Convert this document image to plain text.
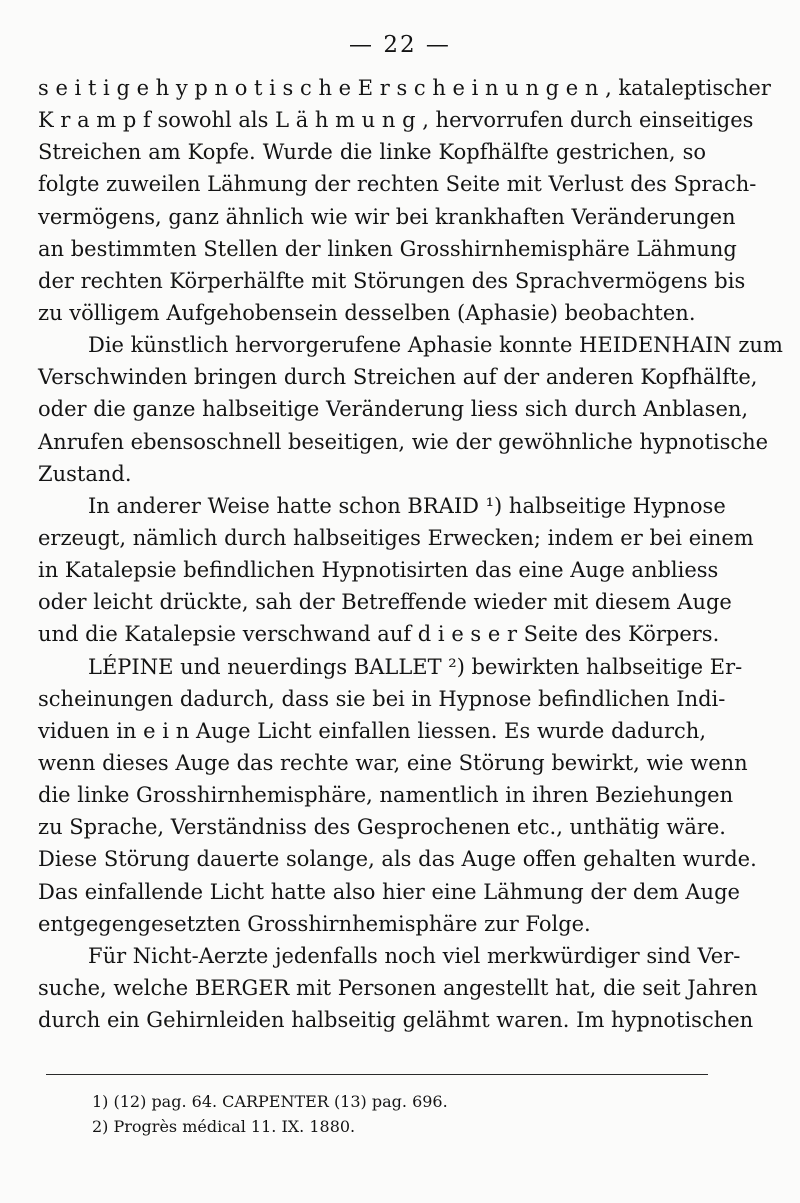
— 22 —
s e i t i g e h y p n o t i s c h e E r s c h e i n u n g e n , kataleptischer
K r a m p f sowohl als L ä h m u n g , hervorrufen durch einseitiges
Streichen am Kopfe. Wurde die linke Kopfhälfte gestrichen, so
folgte zuweilen Lähmung der rechten Seite mit Verlust des Sprach-
vermögens, ganz ähnlich wie wir bei krankhaften Veränderungen
an bestimmten Stellen der linken Grosshirnhemisphäre Lähmung
der rechten Körperhälfte mit Störungen des Sprachvermögens bis
zu völligem Aufgehobensein desselben (Aphasie) beobachten.
Die künstlich hervorgerufene Aphasie konnte HEIDENHAIN zum
Verschwinden bringen durch Streichen auf der anderen Kopfhälfte,
oder die ganze halbseitige Veränderung liess sich durch Anblasen,
Anrufen ebensoschnell beseitigen, wie der gewöhnliche hypnotische
Zustand.
In anderer Weise hatte schon BRAID ¹) halbseitige Hypnose
erzeugt, nämlich durch halbseitiges Erwecken; indem er bei einem
in Katalepsie befindlichen Hypnotisirten das eine Auge anbliess
oder leicht drückte, sah der Betreffende wieder mit diesem Auge
und die Katalepsie verschwand auf d i e s e r Seite des Körpers.
LÉPINE und neuerdings BALLET ²) bewirkten halbseitige Er-
scheinungen dadurch, dass sie bei in Hypnose befindlichen Indi-
viduen in e i n Auge Licht einfallen liessen. Es wurde dadurch,
wenn dieses Auge das rechte war, eine Störung bewirkt, wie wenn
die linke Grosshirnhemisphäre, namentlich in ihren Beziehungen
zu Sprache, Verständniss des Gesprochenen etc., unthätig wäre.
Diese Störung dauerte solange, als das Auge offen gehalten wurde.
Das einfallende Licht hatte also hier eine Lähmung der dem Auge
entgegengesetzten Grosshirnhemisphäre zur Folge.
Für Nicht-Aerzte jedenfalls noch viel merkwürdiger sind Ver-
suche, welche BERGER mit Personen angestellt hat, die seit Jahren
durch ein Gehirnleiden halbseitig gelähmt waren. Im hypnotischen
1) (12) pag. 64. CARPENTER (13) pag. 696.
2) Progrès médical 11. IX. 1880.
